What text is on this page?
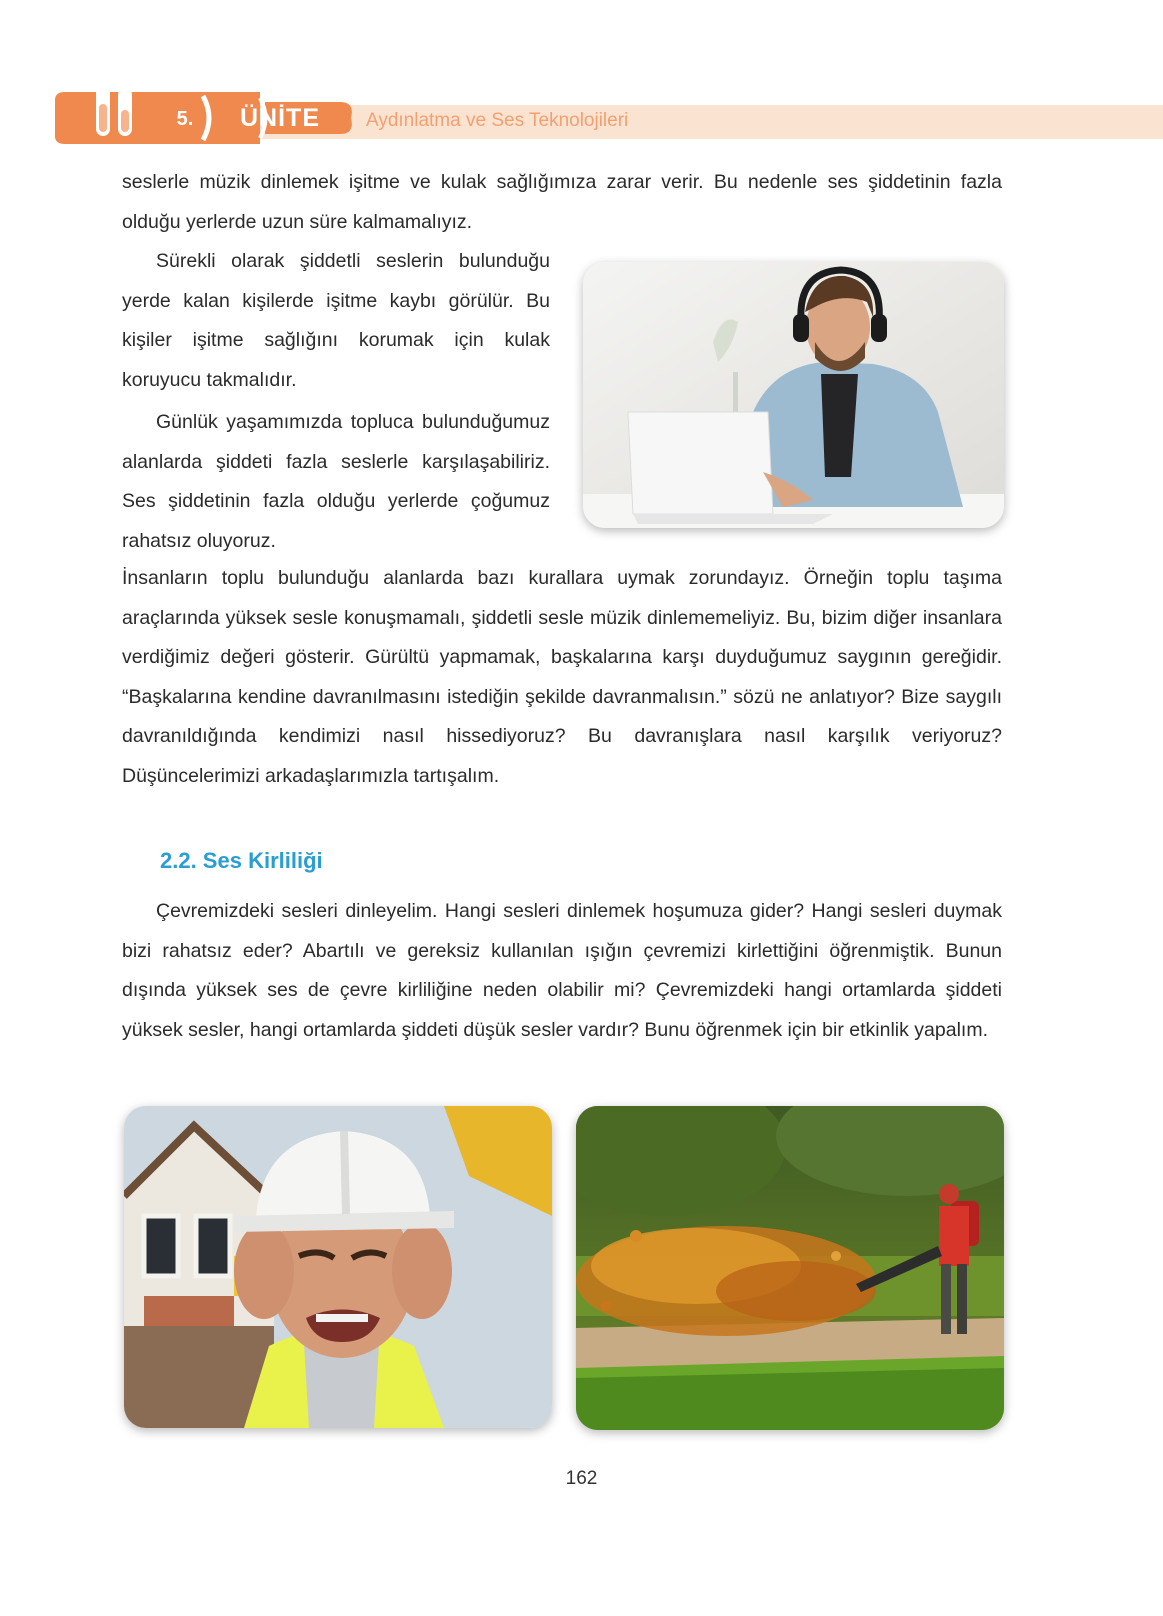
5.	ÜNİTE	Aydınlatma ve Ses Teknolojileri

seslerle müzik dinlemek işitme ve kulak sağlığımıza zarar verir. Bu nedenle ses şiddetinin fazla olduğu yerlerde uzun süre kalmamalıyız.

Sürekli olarak şiddetli seslerin bulunduğu yerde kalan kişilerde işitme kaybı görülür. Bu kişiler işitme sağlığını korumak için kulak koruyucu takmalıdır.

Günlük yaşamımızda topluca bulunduğumuz alanlarda şiddeti fazla seslerle karşılaşabiliriz. Ses şiddetinin fazla olduğu yerlerde çoğumuz rahatsız oluyoruz.

İnsanların toplu bulunduğu alanlarda bazı kurallara uymak zorundayız. Örneğin toplu taşıma araçlarında yüksek sesle konuşmamalı, şiddetli sesle müzik dinlememeliyiz. Bu, bizim diğer insanlara verdiğimiz değeri gösterir. Gürültü yapmamak, başkalarına karşı duyduğumuz saygının gereğidir. “Başkalarına kendine davranılmasını istediğin şekilde davranmalısın.” sözü ne anlatıyor? Bize saygılı davranıldığında kendimizi nasıl hissediyoruz? Bu davranışlara nasıl karşılık veriyoruz? Düşüncelerimizi arkadaşlarımızla tartışalım.

2.2. Ses Kirliliği

Çevremizdeki sesleri dinleyelim. Hangi sesleri dinlemek hoşumuza gider? Hangi sesleri duymak bizi rahatsız eder? Abartılı ve gereksiz kullanılan ışığın çevremizi kirlettiğini öğrenmiştik. Bunun dışında yüksek ses de çevre kirliliğine neden olabilir mi? Çevremizdeki hangi ortamlarda şiddeti yüksek sesler, hangi ortamlarda şiddeti düşük sesler vardır? Bunu öğrenmek için bir etkinlik yapalım.

162
